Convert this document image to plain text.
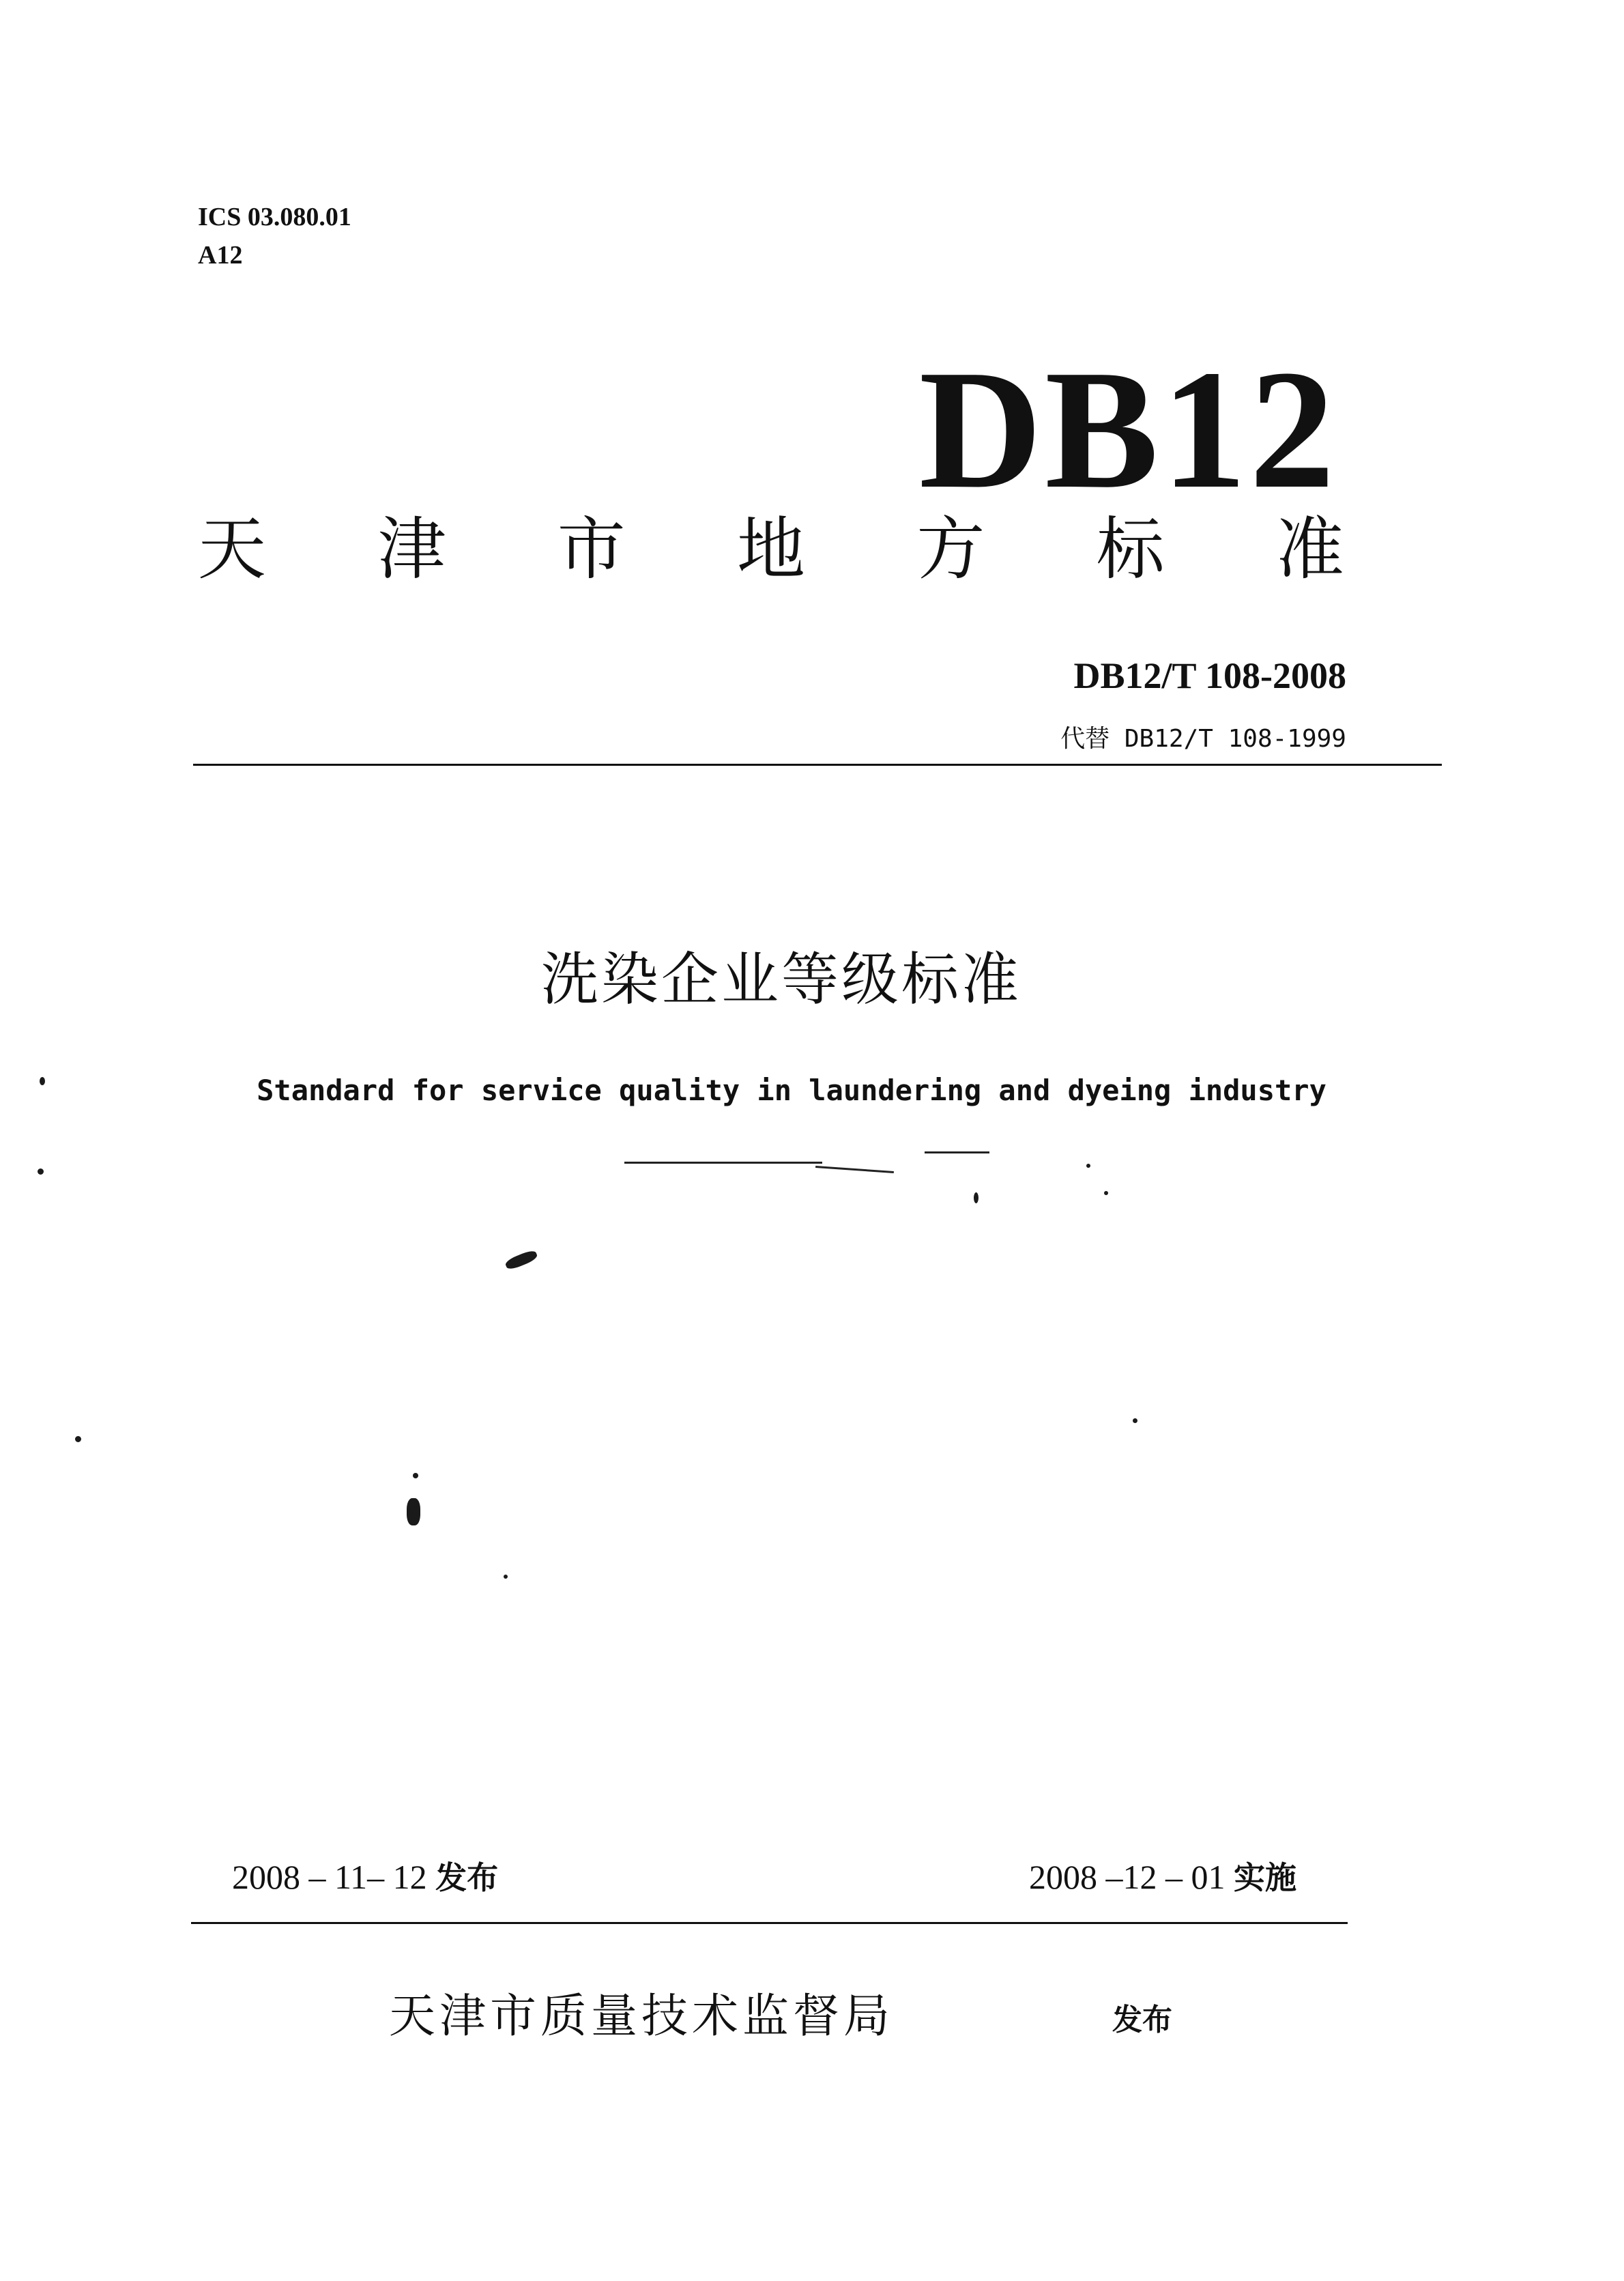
ICS 03.080.01
A12
DB12
天 津 市 地 方 标 准
DB12/T 108-2008
代替 DB12/T 108-1999
洗染企业等级标准
Standard for service quality in laundering and dyeing industry
2008 – 11– 12 发布	2008 –12 – 01 实施
天津市质量技术监督局	发布
